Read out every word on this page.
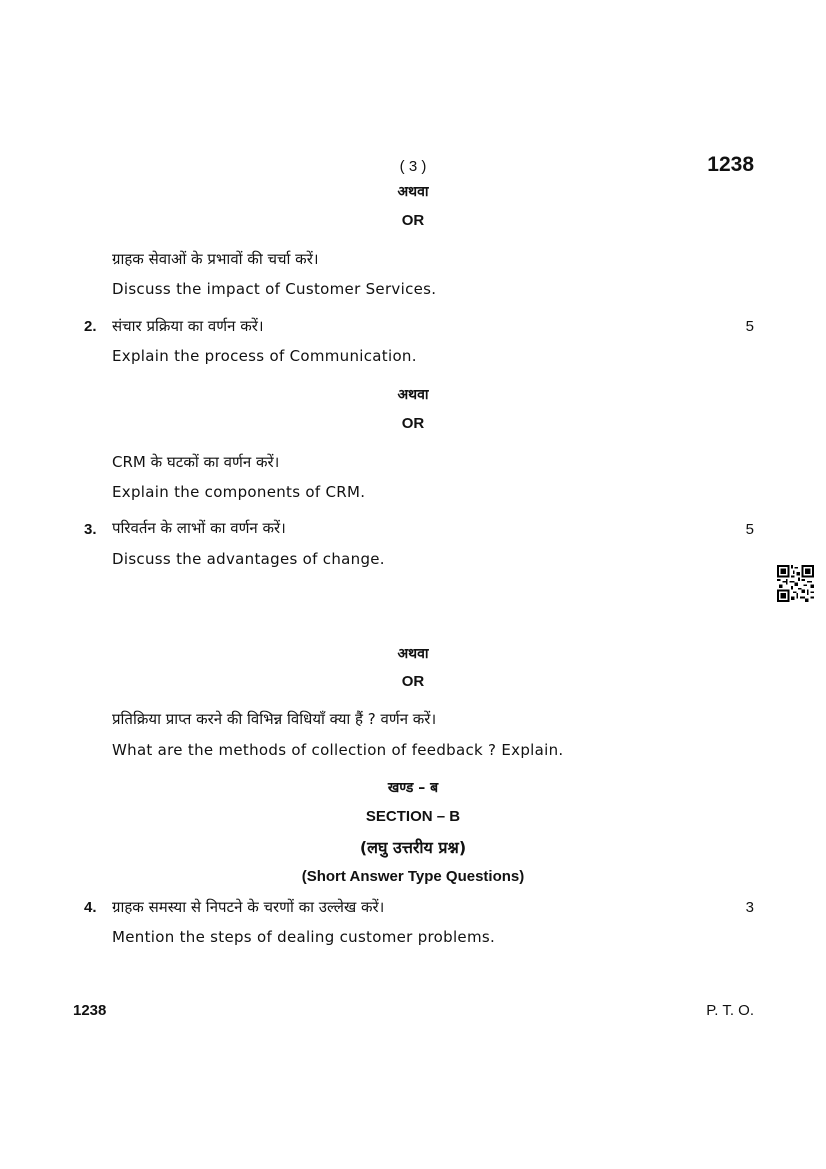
( 3 )	1238
अथवा
OR
ग्राहक सेवाओं के प्रभावों की चर्चा करें।
Discuss the impact of Customer Services.
2. संचार प्रक्रिया का वर्णन करें।	5
Explain the process of Communication.
अथवा
OR
CRM के घटकों का वर्णन करें।
Explain the components of CRM.
3. परिवर्तन के लाभों का वर्णन करें।	5
Discuss the advantages of change.
अथवा
OR
प्रतिक्रिया प्राप्त करने की विभिन्न विधियाँ क्या हैं ? वर्णन करें।
What are the methods of collection of feedback ? Explain.
खण्ड – ब
SECTION – B
(लघु उत्तरीय प्रश्न)
(Short Answer Type Questions)
4. ग्राहक समस्या से निपटने के चरणों का उल्लेख करें।	3
Mention the steps of dealing customer problems.
1238	P. T. O.
